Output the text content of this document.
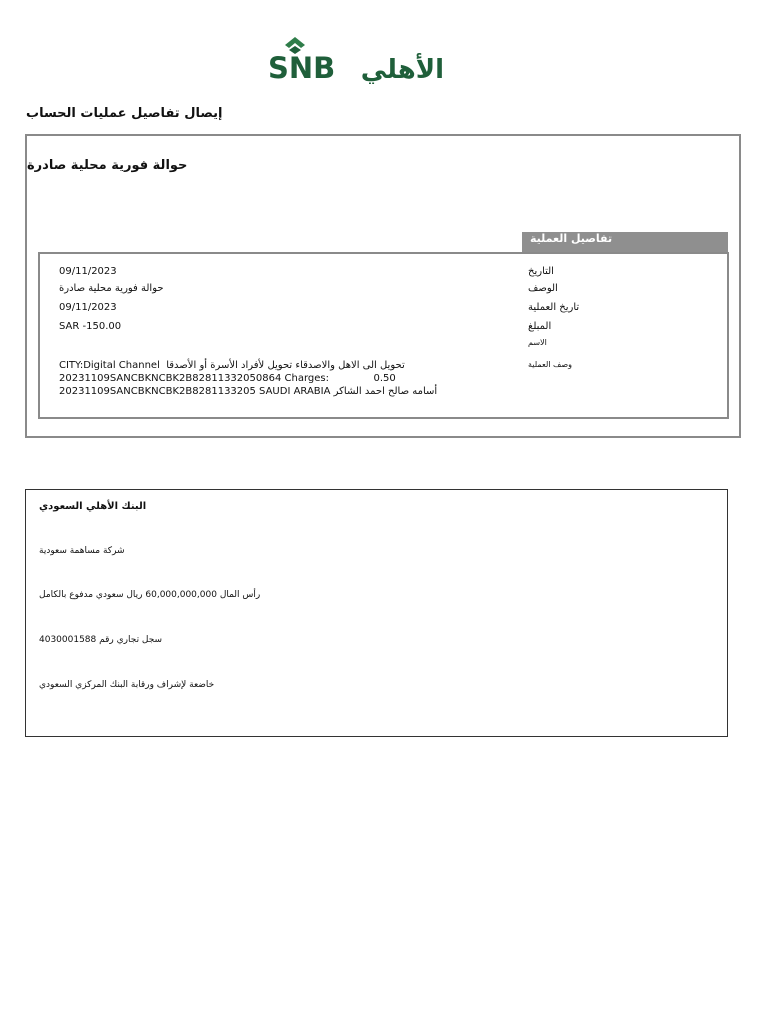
SNB الأهلي
إيصال تفاصيل عمليات الحساب
حوالة فورية محلية صادرة
تفاصيل العملية
09/11/2023	التاريخ
حوالة فورية محلية صادرة	الوصف
09/11/2023	تاريخ العملية
SAR -150.00	المبلغ
الاسم
وصف العملية
CITY:Digital Channel  تحويل الى الاهل والاصدقاء تحويل لأفراد الأسرة أو الأصدقا
20231109SANCBKNCBK2B82811332050864 Charges:              0.50
20231109SANCBKNCBK2B8281133205 SAUDI ARABIA أسامه صالح احمد الشاكر
البنك الأهلي السعودي
شركة مساهمة سعودية
رأس المال 60,000,000,000 ريال سعودي مدفوع بالكامل
سجل تجاري رقم 4030001588
خاضعة لإشراف ورقابة البنك المركزي السعودي
